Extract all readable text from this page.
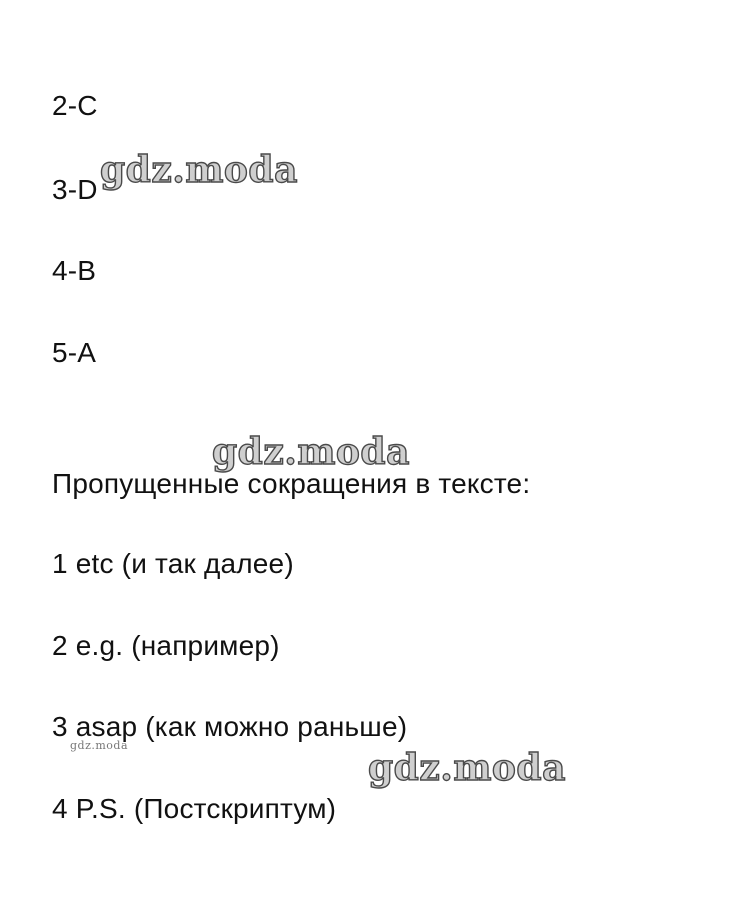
2-C
3-D
4-B
5-A
Пропущенные сокращения в тексте:
1 etc (и так далее)
2 e.g. (например)
3 asap (как можно раньше)
4 P.S. (Постскриптум)
gdz.moda
gdz.moda
gdz.moda
gdz.moda
